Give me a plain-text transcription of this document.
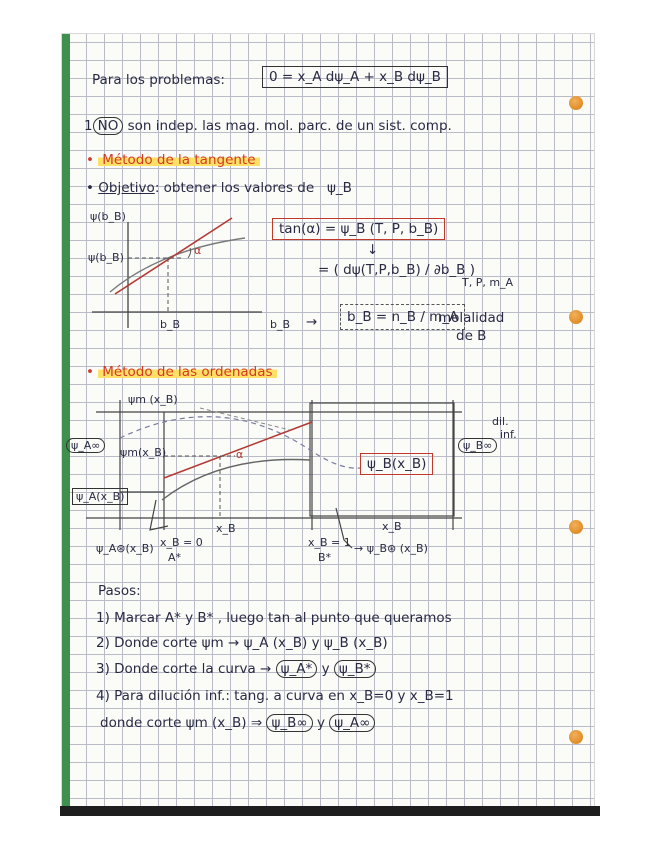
Para los problemas:	0 = x_A dψ_A + x_B dψ_B
1 NO son indep. las mag. mol. parc. de un sist. comp.
• Método de la tangente
• Objetivo: obtener los valores de ψ_B
ψ(b_B)
ψ(b_B)
α
b_B	b_B
tan(α) = ψ_B (T, P, b_B)
↓
= ( dψ(T,P,b_B) / ∂b_B )
T, P, m_A
→	b_B = n_B / m_A
molalidad
de B
• Método de las ordenadas
ψm (x_B)
ψm(x_B)	α
x_B
x_B
x_B = 0
A*
x_B = 1
B*
ψ_A∞	ψ_B∞
ψ_A(x_B)
ψ_B(x_B)
dil.
inf.
ψ_A⊛(x_B)	→ ψ_B⊛ (x_B)
Pasos:
1) Marcar A* y B* , luego tan al punto que queramos
2) Donde corte ψm → ψ_A (x_B) y ψ_B (x_B)
3) Donde corte la curva → ψ_A* y ψ_B*
4) Para dilución inf.: tang. a curva en x_B=0 y x_B=1
donde corte ψm (x_B) ⇒ ψ_B∞ y ψ_A∞
